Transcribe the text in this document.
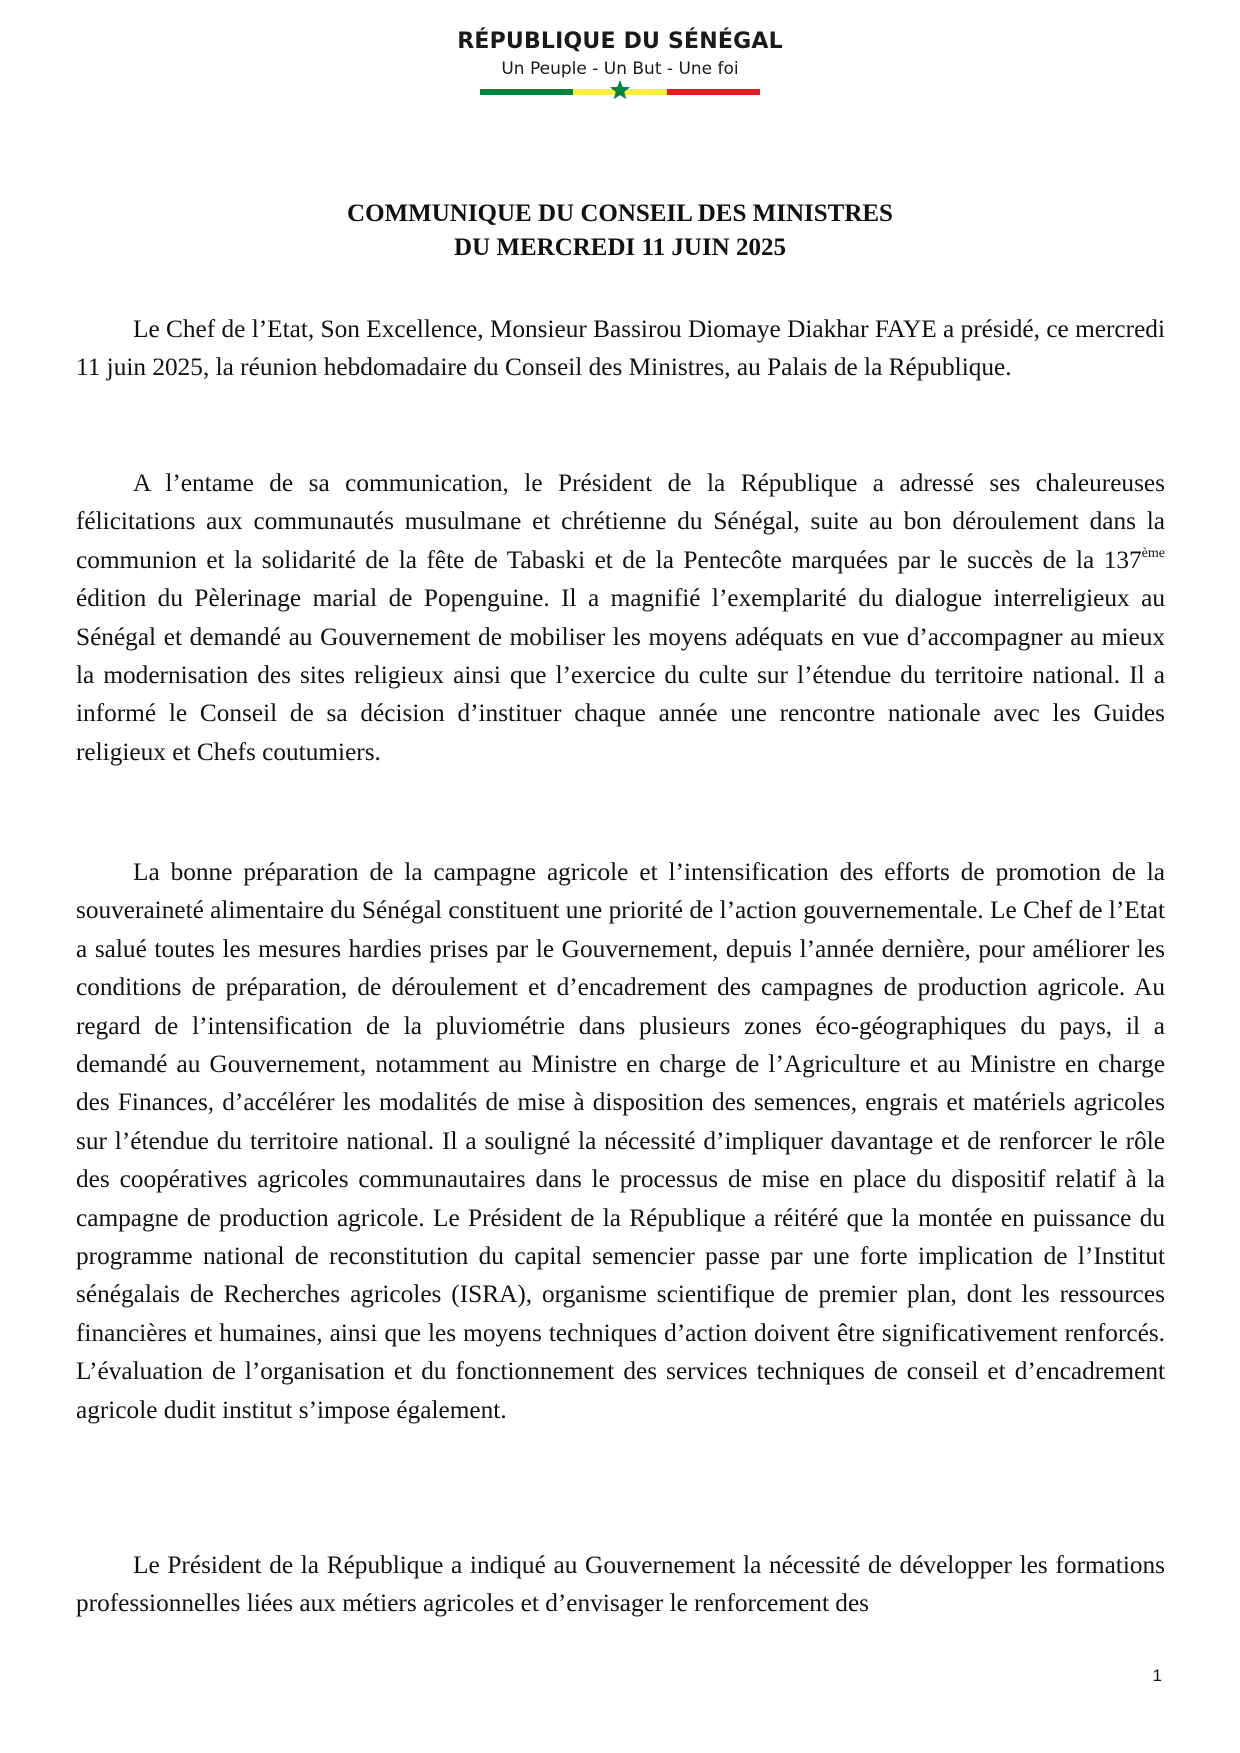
RÉPUBLIQUE DU SÉNÉGAL
Un Peuple - Un But - Une foi
COMMUNIQUE DU CONSEIL DES MINISTRES
DU MERCREDI 11 JUIN 2025

Le Chef de l’Etat, Son Excellence, Monsieur Bassirou Diomaye Diakhar FAYE a présidé, ce mercredi 11 juin 2025, la réunion hebdomadaire du Conseil des Ministres, au Palais de la République.

A l’entame de sa communication, le Président de la République a adressé ses chaleureuses félicitations aux communautés musulmane et chrétienne du Sénégal, suite au bon déroulement dans la communion et la solidarité de la fête de Tabaski et de la Pentecôte marquées par le succès de la 137ème édition du Pèlerinage marial de Popenguine. Il a magnifié l’exemplarité du dialogue interreligieux au Sénégal et demandé au Gouvernement de mobiliser les moyens adéquats en vue d’accompagner au mieux la modernisation des sites religieux ainsi que l’exercice du culte sur l’étendue du territoire national. Il a informé le Conseil de sa décision d’instituer chaque année une rencontre nationale avec les Guides religieux et Chefs coutumiers.

La bonne préparation de la campagne agricole et l’intensification des efforts de promotion de la souveraineté alimentaire du Sénégal constituent une priorité de l’action gouvernementale. Le Chef de l’Etat a salué toutes les mesures hardies prises par le Gouvernement, depuis l’année dernière, pour améliorer les conditions de préparation, de déroulement et d’encadrement des campagnes de production agricole. Au regard de l’intensification de la pluviométrie dans plusieurs zones éco-géographiques du pays, il a demandé au Gouvernement, notamment au Ministre en charge de l’Agriculture et au Ministre en charge des Finances, d’accélérer les modalités de mise à disposition des semences, engrais et matériels agricoles sur l’étendue du territoire national. Il a souligné la nécessité d’impliquer davantage et de renforcer le rôle des coopératives agricoles communautaires dans le processus de mise en place du dispositif relatif à la campagne de production agricole. Le Président de la République a réitéré que la montée en puissance du programme national de reconstitution du capital semencier passe par une forte implication de l’Institut sénégalais de Recherches agricoles (ISRA), organisme scientifique de premier plan, dont les ressources financières et humaines, ainsi que les moyens techniques d’action doivent être significativement renforcés. L’évaluation de l’organisation et du fonctionnement des services techniques de conseil et d’encadrement agricole dudit institut s’impose également.

Le Président de la République a indiqué au Gouvernement la nécessité de développer les formations professionnelles liées aux métiers agricoles et d’envisager le renforcement des

1
